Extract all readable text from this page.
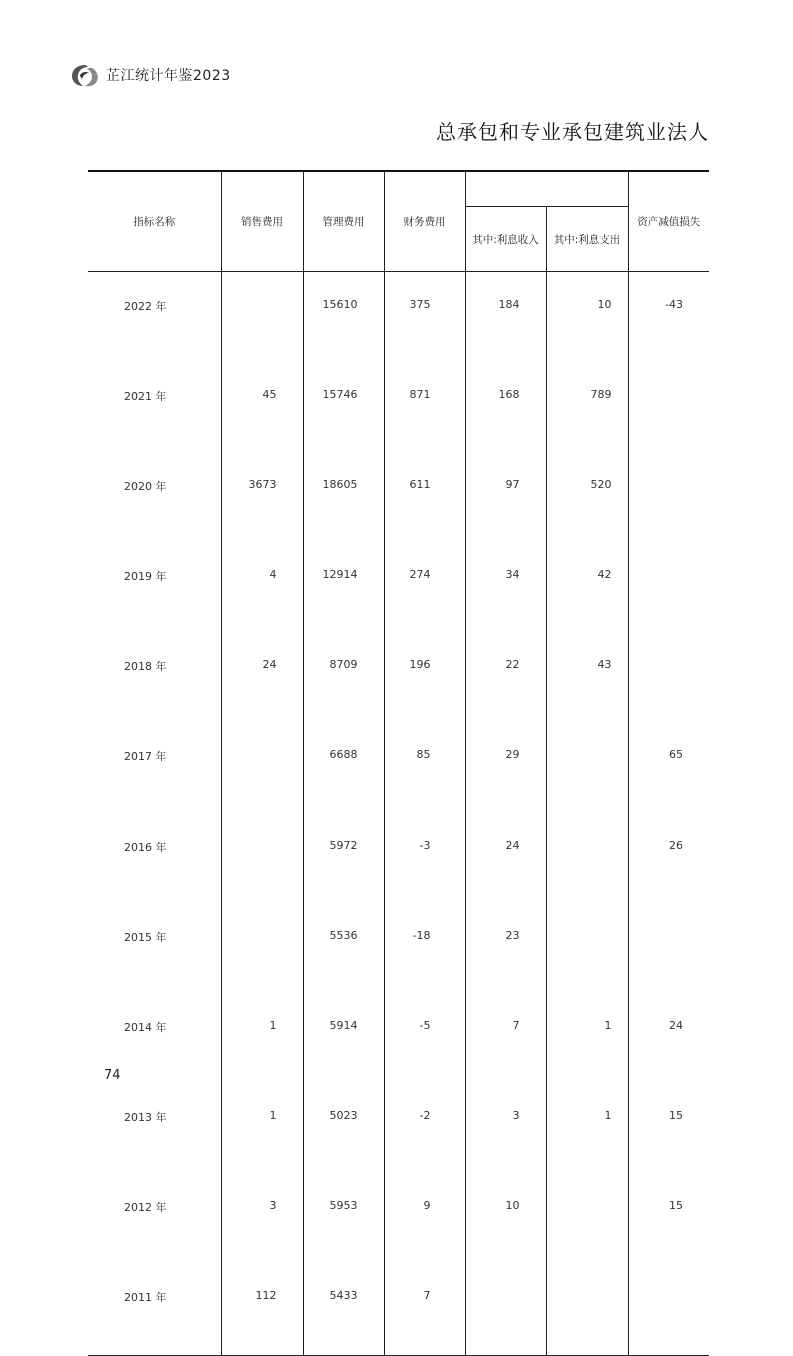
芷江统计年鉴2023
总承包和专业承包建筑业法人
指标名称	销售费用	管理费用	财务费用			资产减值损失
				其中:利息收入	其中:利息支出	
2022 年		15610	375	184	10	-43
2021 年	45	15746	871	168	789	
2020 年	3673	18605	611	97	520	
2019 年	4	12914	274	34	42	
2018 年	24	8709	196	22	43	
2017 年		6688	85	29		65
2016 年		5972	-3	24		26
2015 年		5536	-18	23		
2014 年	1	5914	-5	7	1	24
2013 年	1	5023	-2	3	1	15
2012 年	3	5953	9	10		15
2011 年	112	5433	7			
74
